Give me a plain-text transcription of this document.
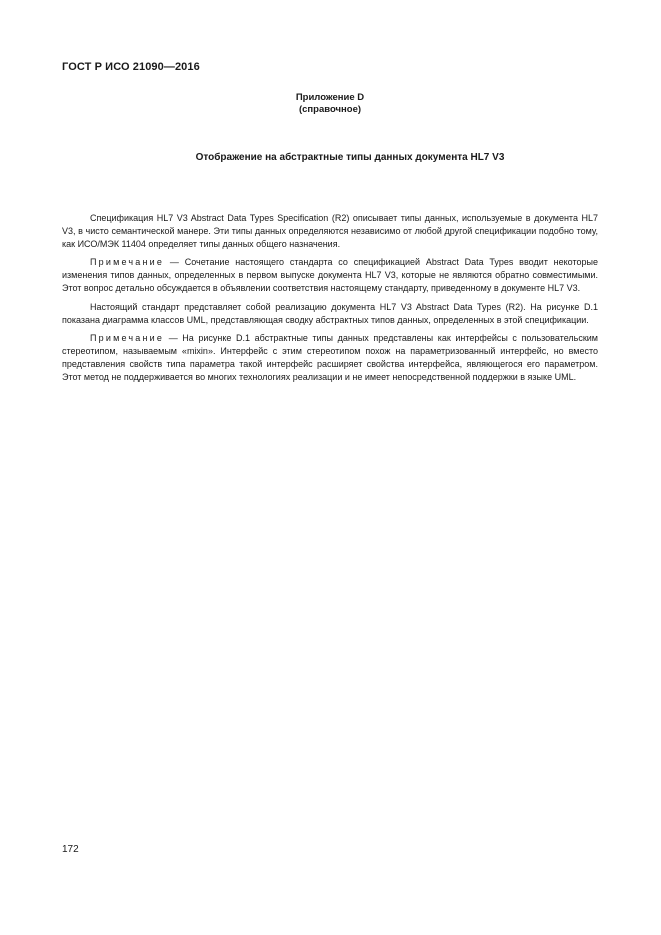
ГОСТ Р ИСО 21090—2016
Приложение D
(справочное)
Отображение на абстрактные типы данных документа HL7 V3

Спецификация HL7 V3 Abstract Data Types Specification (R2) описывает типы данных, используемые в документа HL7 V3, в чисто семантической манере. Эти типы данных определяются независимо от любой другой спецификации подобно тому, как ИСО/МЭК 11404 определяет типы данных общего назначения.

Примечание — Сочетание настоящего стандарта со спецификацией Abstract Data Types вводит некоторые изменения типов данных, определенных в первом выпуске документа HL7 V3, которые не являются обратно совместимыми. Этот вопрос детально обсуждается в объявлении соответствия настоящему стандарту, приведенному в документе HL7 V3.

Настоящий стандарт представляет собой реализацию документа HL7 V3 Abstract Data Types (R2). На рисунке D.1 показана диаграмма классов UML, представляющая сводку абстрактных типов данных, определенных в этой спецификации.

Примечание — На рисунке D.1 абстрактные типы данных представлены как интерфейсы с пользовательским стереотипом, называемым «mixin». Интерфейс с этим стереотипом похож на параметризованный интерфейс, но вместо представления свойств типа параметра такой интерфейс расширяет свойства интерфейса, являющегося его параметром. Этот метод не поддерживается во многих технологиях реализации и не имеет непосредственной поддержки в языке UML.

172
